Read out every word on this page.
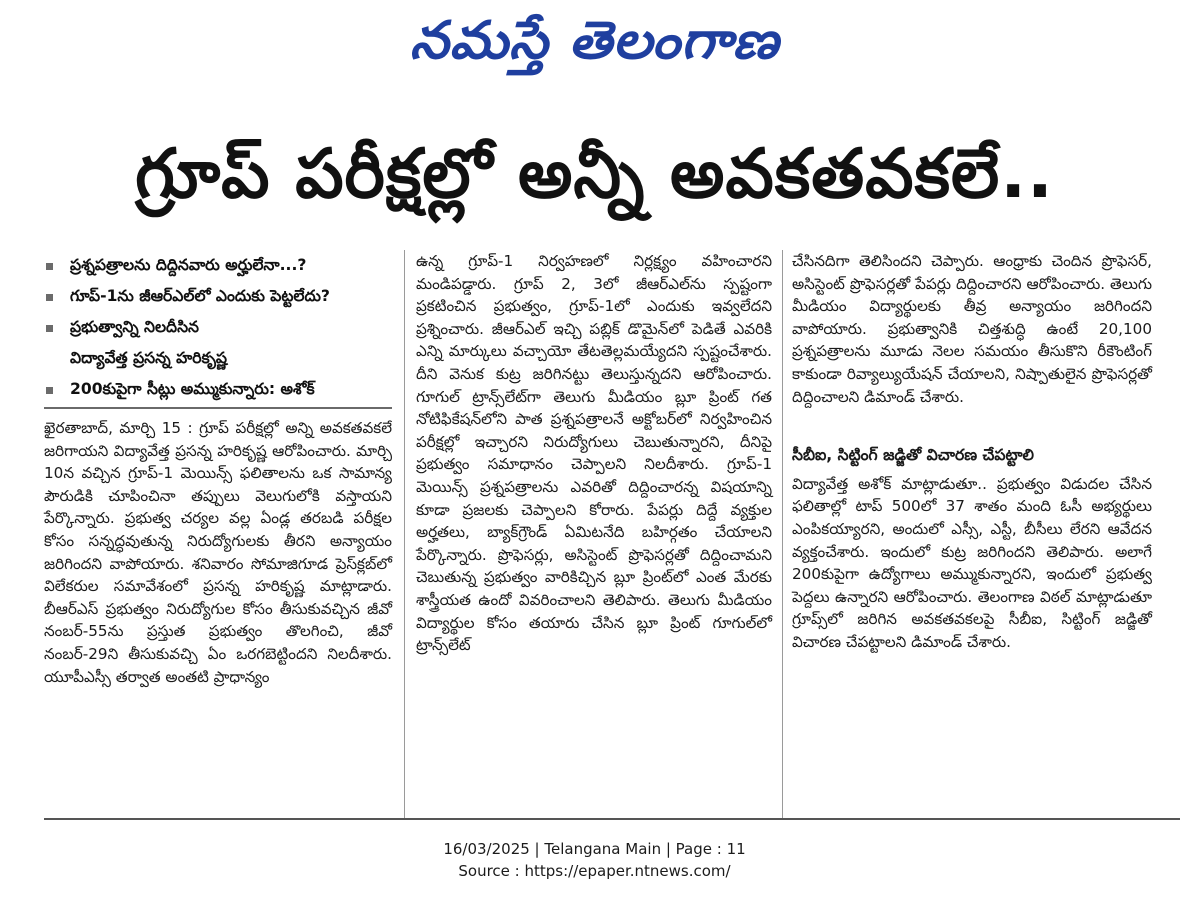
నమస్తే తెలంగాణ
గ్రూప్ పరీక్షల్లో అన్నీ అవకతవకలే..
ప్రశ్నపత్రాలను దిద్దినవారు అర్హులేనా...?
గూప్-1ను జీఆర్ఎల్‌లో ఎందుకు పెట్టలేదు?
ప్రభుత్వాన్ని నిలదీసిన
విద్యావేత్త ప్రసన్న హరికృష్ణ
200కుపైగా సీట్లు అమ్ముకున్నారు: అశోక్

ఖైరతాబాద్, మార్చి 15 : గ్రూప్ పరీక్షల్లో అన్ని అవకతవకలే జరిగాయని విద్యావేత్త ప్రసన్న హరికృష్ణ ఆరోపించారు. మార్చి 10న వచ్చిన గ్రూప్-1 మెయిన్స్ ఫలితాలను ఒక సామాన్య పౌరుడికి చూపించినా తప్పులు వెలుగులోకి వస్తాయని పేర్కొన్నారు. ప్రభుత్వ చర్యల వల్ల ఏండ్ల తరబడి పరీక్షల కోసం సన్నద్ధవుతున్న నిరుద్యోగులకు తీరని అన్యాయం జరిగిందని వాపోయారు. శనివారం సోమాజిగూడ ప్రెస్‌క్లబ్‌లో విలేకరుల సమావేశంలో ప్రసన్న హరికృష్ణ మాట్లాడారు. బీఆర్ఎస్ ప్రభుత్వం నిరుద్యోగుల కోసం తీసుకువచ్చిన జీవో నంబర్-55ను ప్రస్తుత ప్రభుత్వం తొలగించి, జీవో నంబర్-29ని తీసుకువచ్చి ఏం ఒరగబెట్టిందని నిలదీశారు. యూపీఎస్సీ తర్వాత అంతటి ప్రాధాన్యం

ఉన్న గ్రూప్-1 నిర్వహణలో నిర్లక్ష్యం వహించారని మండిపడ్డారు. గ్రూప్ 2, 3లో జీఆర్ఎల్‌ను స్పష్టంగా ప్రకటించిన ప్రభుత్వం, గ్రూప్-1లో ఎందుకు ఇవ్వలేదని ప్రశ్నించారు. జీఆర్ఎల్ ఇచ్చి పబ్లిక్ డొమైన్‌లో పెడితే ఎవరికి ఎన్ని మార్కులు వచ్చాయో తేటతెల్లమయ్యేదని స్పష్టంచేశారు. దీని వెనుక కుట్ర జరిగినట్టు తెలుస్తున్నదని ఆరోపించారు. గూగుల్ ట్రాన్స్‌లేట్‌గా తెలుగు మీడియం బ్లూ ప్రింట్ గత నోటిఫికేషన్‌లోని పాత ప్రశ్నపత్రాలనే అక్టోబర్‌లో నిర్వహించిన పరీక్షల్లో ఇచ్చారని నిరుద్యోగులు చెబుతున్నారని, దీనిపై ప్రభుత్వం సమాధానం చెప్పాలని నిలదీశారు. గ్రూప్-1 మెయిన్స్ ప్రశ్నపత్రాలను ఎవరితో దిద్దించారన్న విషయాన్ని కూడా ప్రజలకు చెప్పాలని కోరారు. పేపర్లు దిద్దే వ్యక్తుల అర్హతలు, బ్యాక్‌గ్రౌండ్ ఏమిటనేది బహిర్గతం చేయాలని పేర్కొన్నారు. ప్రొఫెసర్లు, అసిస్టెంట్ ప్రొఫెసర్లతో దిద్దించామని చెబుతున్న ప్రభుత్వం వారికిచ్చిన బ్లూ ప్రింట్‌లో ఎంత మేరకు శాస్త్రీయత ఉందో వివరించాలని తెలిపారు. తెలుగు మీడియం విద్యార్థుల కోసం తయారు చేసిన బ్లూ ప్రింట్ గూగుల్‌లో ట్రాన్స్‌లేట్

చేసినదిగా తెలిసిందని చెప్పారు. ఆంధ్రాకు చెందిన ప్రొఫెసర్, అసిస్టెంట్ ప్రొఫెసర్లతో పేపర్లు దిద్దించారని ఆరోపించారు. తెలుగు మీడియం విద్యార్థులకు తీవ్ర అన్యాయం జరిగిందని వాపోయారు. ప్రభుత్వానికి చిత్తశుద్ధి ఉంటే 20,100 ప్రశ్నపత్రాలను మూడు నెలల సమయం తీసుకొని రీకౌంటింగ్ కాకుండా రివ్యాల్యుయేషన్ చేయాలని, నిష్పాతులైన ప్రొఫెసర్లతో దిద్దించాలని డిమాండ్ చేశారు.

సీబీఐ, సిట్టింగ్ జడ్జితో విచారణ చేపట్టాలి

విద్యావేత్త అశోక్ మాట్లాడుతూ.. ప్రభుత్వం విడుదల చేసిన ఫలితాల్లో టాప్ 500లో 37 శాతం మంది ఓసీ అభ్యర్థులు ఎంపికయ్యారని, అందులో ఎస్సీ, ఎస్టీ, బీసీలు లేరని ఆవేదన వ్యక్తంచేశారు. ఇందులో కుట్ర జరిగిందని తెలిపారు. అలాగే 200కుపైగా ఉద్యోగాలు అమ్ముకున్నారని, ఇందులో ప్రభుత్వ పెద్దలు ఉన్నారని ఆరోపించారు. తెలంగాణ విఠల్ మాట్లాడుతూ గ్రూప్స్‌లో జరిగిన అవకతవకలపై సీబీఐ, సిట్టింగ్ జడ్జితో విచారణ చేపట్టాలని డిమాండ్ చేశారు.

16/03/2025 | Telangana Main | Page : 11
Source : https://epaper.ntnews.com/
